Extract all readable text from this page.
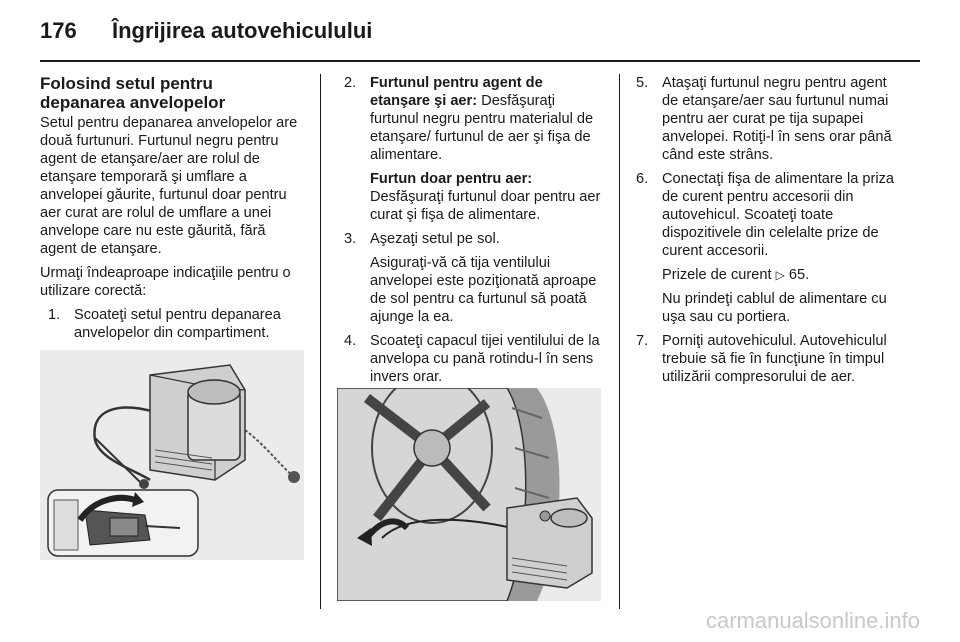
176	Îngrijirea autovehiculului
Folosind setul pentru
depanarea anvelopelor

Setul pentru depanarea anvelopelor are două furtunuri. Furtunul negru pentru agent de etanşare/aer are rolul de etanşare temporară şi umflare a anvelopei găurite, furtunul doar pentru aer curat are rolul de umflare a unei anvelope care nu este găurită, fără agent de etanşare.

Urmaţi îndeaproape indicaţiile pentru o utilizare corectă:

1. Scoateţi setul pentru depanarea anvelopelor din compartiment.
2. Furtunul pentru agent de etanşare şi aer: Desfăşuraţi furtunul negru pentru materialul de etanşare/ furtunul de aer şi fişa de alimentare.
Furtun doar pentru aer:
Desfăşuraţi furtunul doar pentru aer curat şi fişa de alimentare.
3. Aşezaţi setul pe sol.
Asiguraţi-vă că tija ventilului anvelopei este poziţionată aproape de sol pentru ca furtunul să poată ajunge la ea.
4. Scoateţi capacul tijei ventilului de la anvelopa cu pană rotindu-l în sens invers orar.
5. Ataşaţi furtunul negru pentru agent de etanşare/aer sau furtunul numai pentru aer curat pe tija supapei anvelopei. Rotiţi-l în sens orar până când este strâns.
6. Conectaţi fişa de alimentare la priza de curent pentru accesorii din autovehicul. Scoateţi toate dispozitivele din celelalte prize de curent accesorii.
Prizele de curent ▷ 65.
Nu prindeţi cablul de alimentare cu uşa sau cu portiera.
7. Porniţi autovehiculul. Autovehiculul trebuie să fie în funcţiune în timpul utilizării compresorului de aer.
carmanualsonline.info
